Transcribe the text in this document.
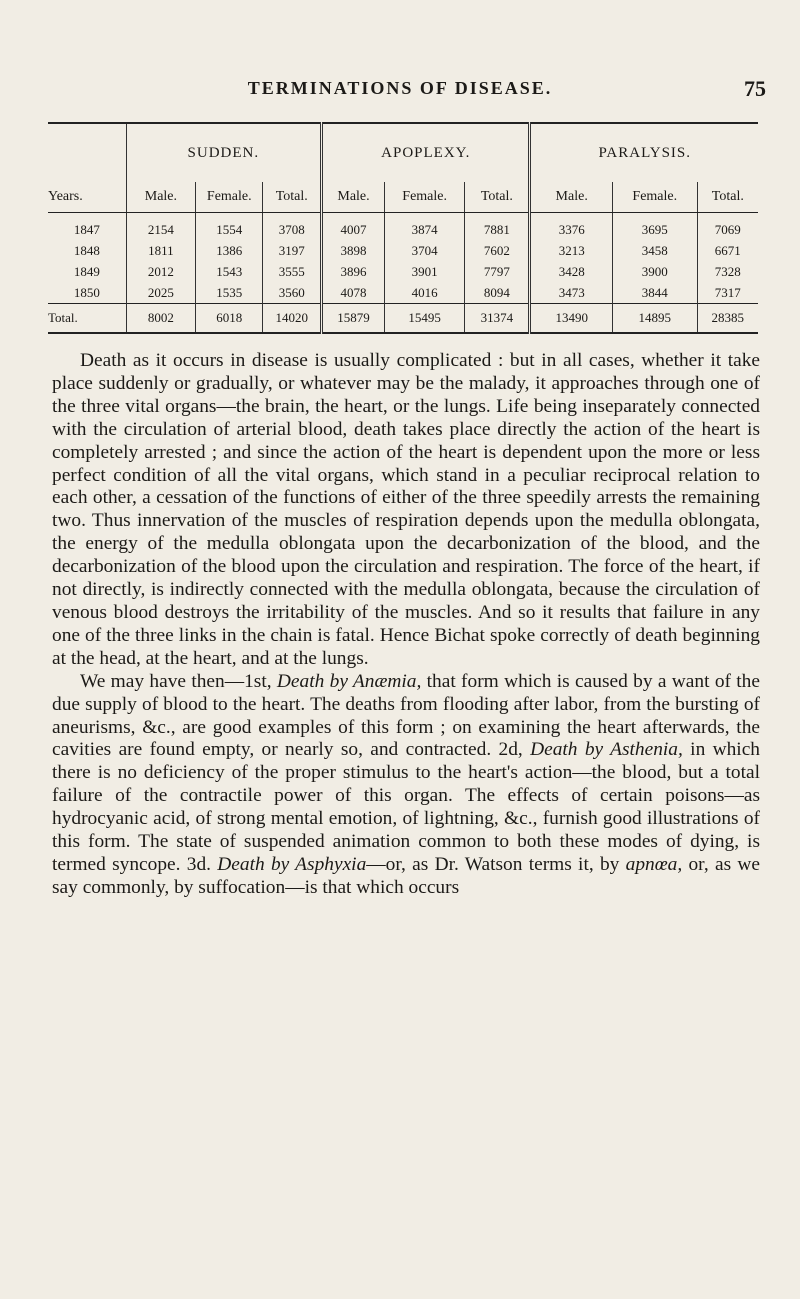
TERMINATIONS OF DISEASE.	75
	SUDDEN.			APOPLEXY.			PARALYSIS.		
Years.	Male.	Female.	Total.	Male.	Female.	Total.	Male.	Female.	Total.
1847	2154	1554	3708	4007	3874	7881	3376	3695	7069
1848	1811	1386	3197	3898	3704	7602	3213	3458	6671
1849	2012	1543	3555	3896	3901	7797	3428	3900	7328
1850	2025	1535	3560	4078	4016	8094	3473	3844	7317
Total.	8002	6018	14020	15879	15495	31374	13490	14895	28385

Death as it occurs in disease is usually complicated : but in all cases, whether it take place suddenly or gradually, or whatever may be the malady, it approaches through one of the three vital organs—the brain, the heart, or the lungs. Life being inseparately connected with the circulation of arterial blood, death takes place directly the action of the heart is completely arrested ; and since the action of the heart is dependent upon the more or less perfect condition of all the vital organs, which stand in a peculiar reciprocal relation to each other, a cessation of the functions of either of the three speedily arrests the remaining two. Thus innervation of the muscles of respiration depends upon the medulla oblongata, the energy of the medulla oblongata upon the decarbonization of the blood, and the decarbonization of the blood upon the circulation and respiration. The force of the heart, if not directly, is indirectly connected with the medulla oblongata, because the circulation of venous blood destroys the irritability of the muscles. And so it results that failure in any one of the three links in the chain is fatal. Hence Bichat spoke correctly of death beginning at the head, at the heart, and at the lungs.

We may have then—1st, Death by Anæmia, that form which is caused by a want of the due supply of blood to the heart. The deaths from flooding after labor, from the bursting of aneurisms, &c., are good examples of this form ; on examining the heart afterwards, the cavities are found empty, or nearly so, and contracted. 2d, Death by Asthenia, in which there is no deficiency of the proper stimulus to the heart's action—the blood, but a total failure of the contractile power of this organ. The effects of certain poisons—as hydrocyanic acid, of strong mental emotion, of lightning, &c., furnish good illustrations of this form. The state of suspended animation common to both these modes of dying, is termed syncope. 3d. Death by Asphyxia—or, as Dr. Watson terms it, by apnœa, or, as we say commonly, by suffocation—is that which occurs
